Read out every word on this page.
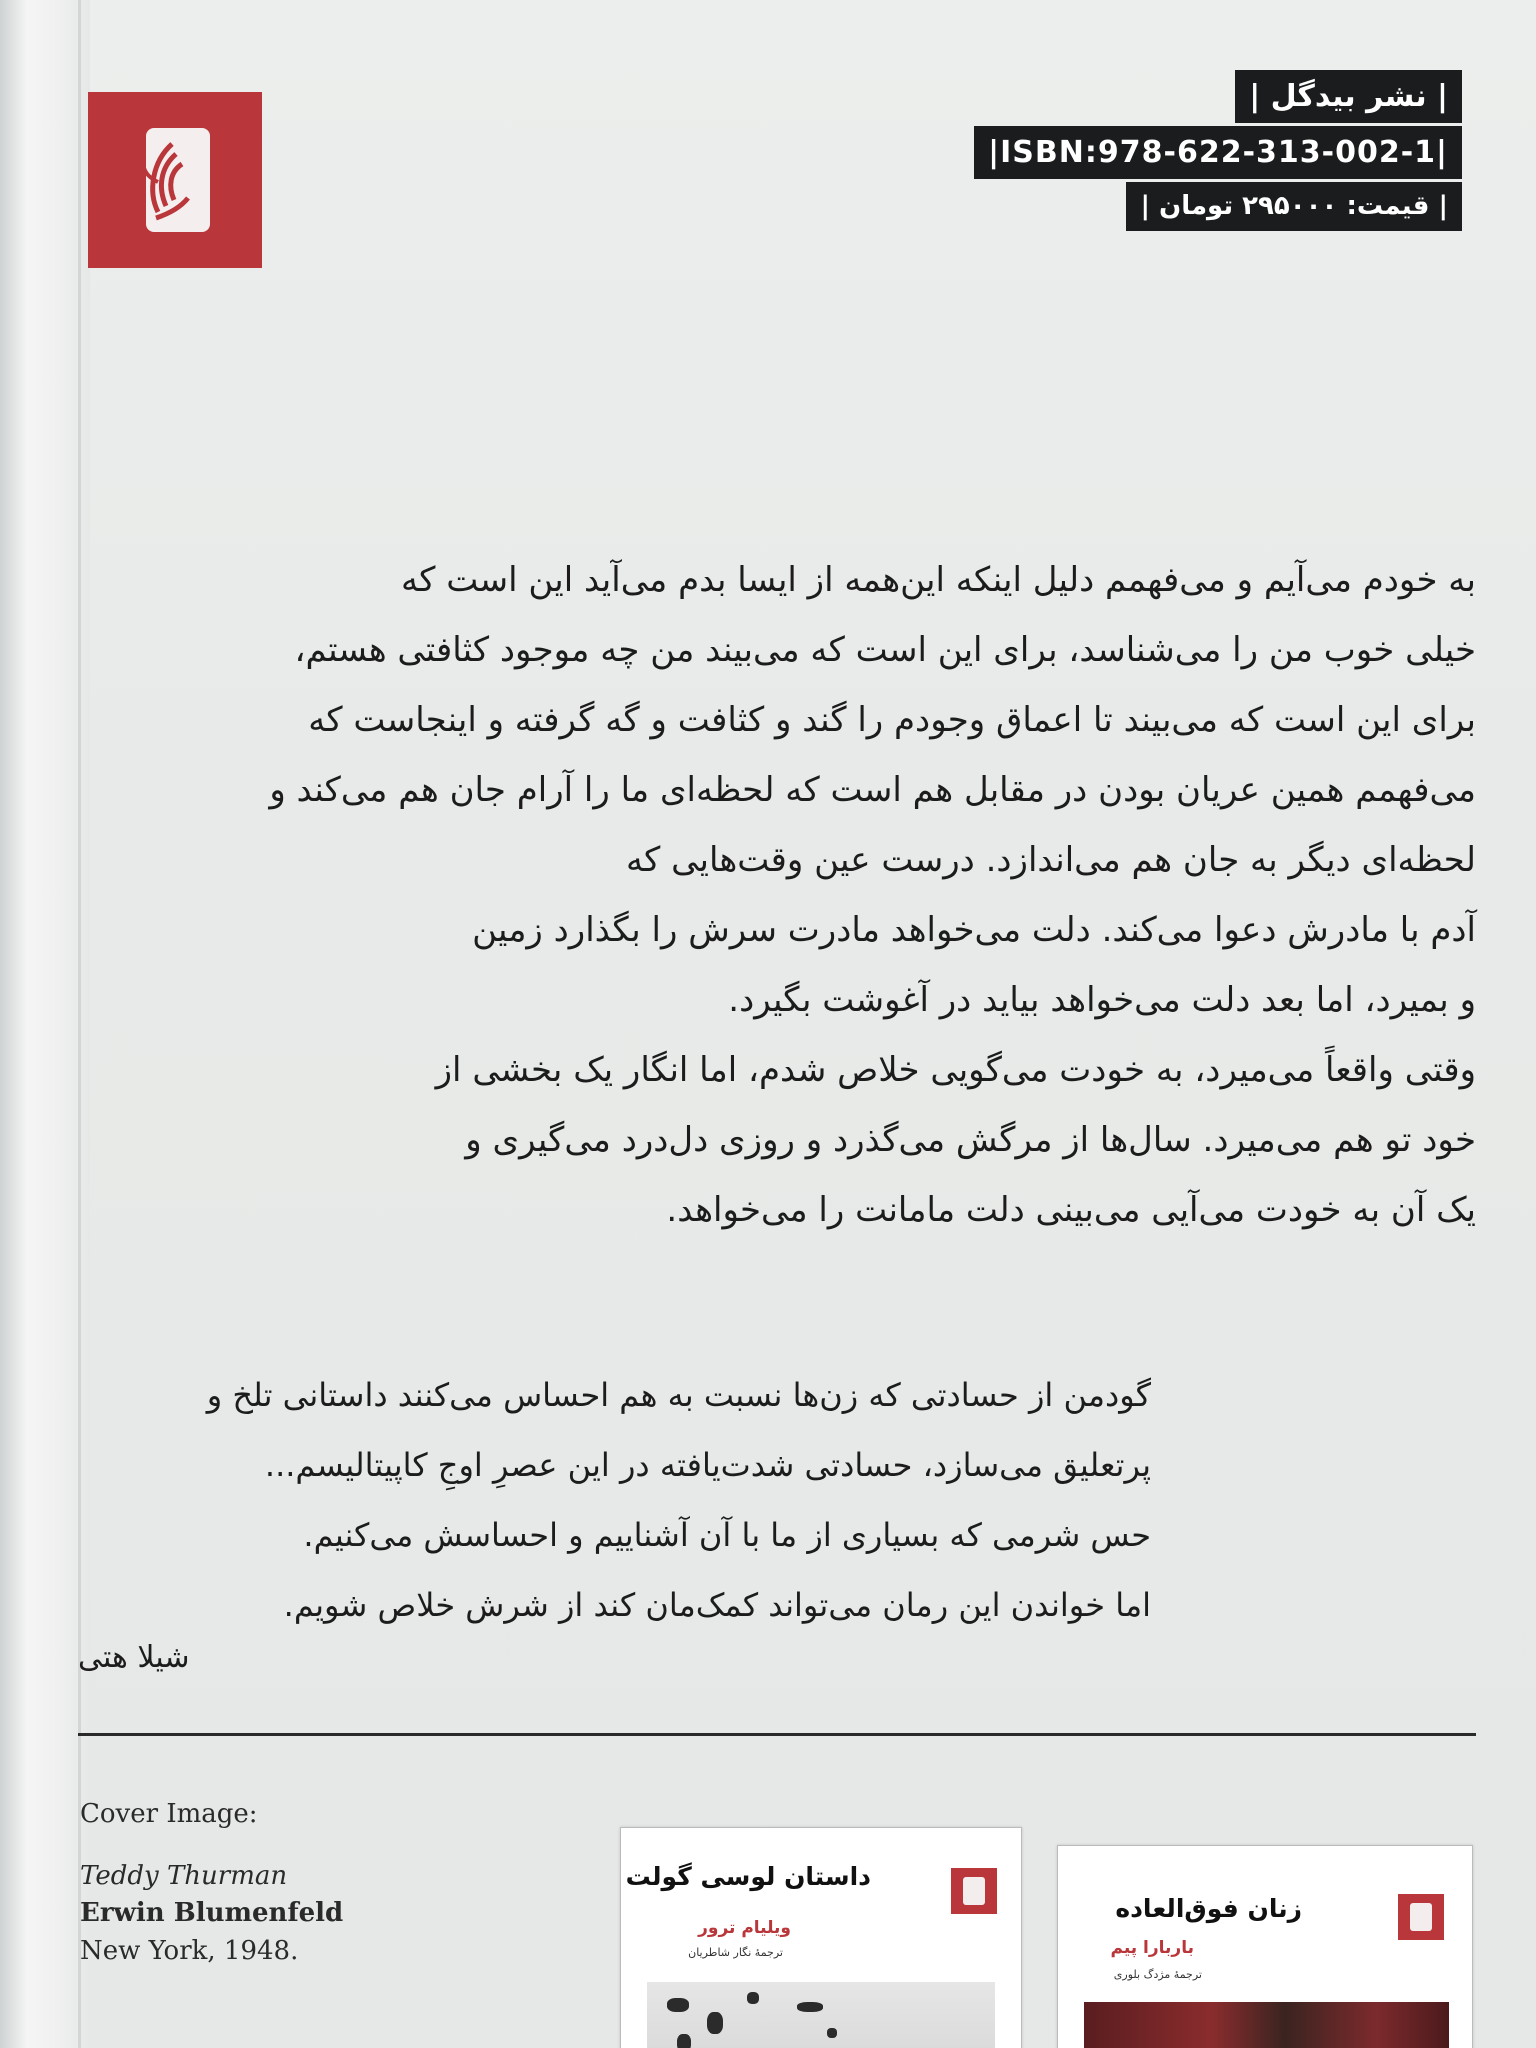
| نشر بیدگل |
|ISBN:978-622-313-002-1|
| قیمت: ۲۹۵۰۰۰ تومان |

به خودم می‌آیم و می‌فهمم دلیل اینکه این‌همه از ایسا بدم می‌آید این است که

خیلی خوب من را می‌شناسد، برای این است که می‌بیند من چه موجود کثافتی هستم،

برای این است که می‌بیند تا اعماق وجودم را گند و کثافت و گه گرفته و اینجاست که

می‌فهمم همین عریان بودن در مقابل هم است که لحظه‌ای ما را آرام جان هم می‌کند و

لحظه‌ای دیگر به جان هم می‌اندازد. درست عین وقت‌هایی که

آدم با مادرش دعوا می‌کند. دلت می‌خواهد مادرت سرش را بگذارد زمین

و بمیرد، اما بعد دلت می‌خواهد بیاید در آغوشت بگیرد.

وقتی واقعاً می‌میرد، به خودت می‌گویی خلاص شدم، اما انگار یک بخشی از

خود تو هم می‌میرد. سال‌ها از مرگش می‌گذرد و روزی دل‌درد می‌گیری و

یک آن به خودت می‌آیی می‌بینی دلت مامانت را می‌خواهد.

گودمن از حسادتی که زن‌ها نسبت به هم احساس می‌کنند داستانی تلخ و

پرتعلیق می‌سازد، حسادتی شدت‌یافته در این عصرِ اوجِ کاپیتالیسم...

حس شرمی که بسیاری از ما با آن آشناییم و احساسش می‌کنیم.

اما خواندن این رمان می‌تواند کمک‌مان کند از شرش خلاص شویم.

شیلا هتی
Cover Image:
Teddy Thurman
Erwin Blumenfeld
New York, 1948.
داستان لوسی گولت
ویلیام ترور
ترجمهٔ نگار شاطریان
زنان فوق‌العاده
باربارا پیم
ترجمهٔ مژدگ بلوری
